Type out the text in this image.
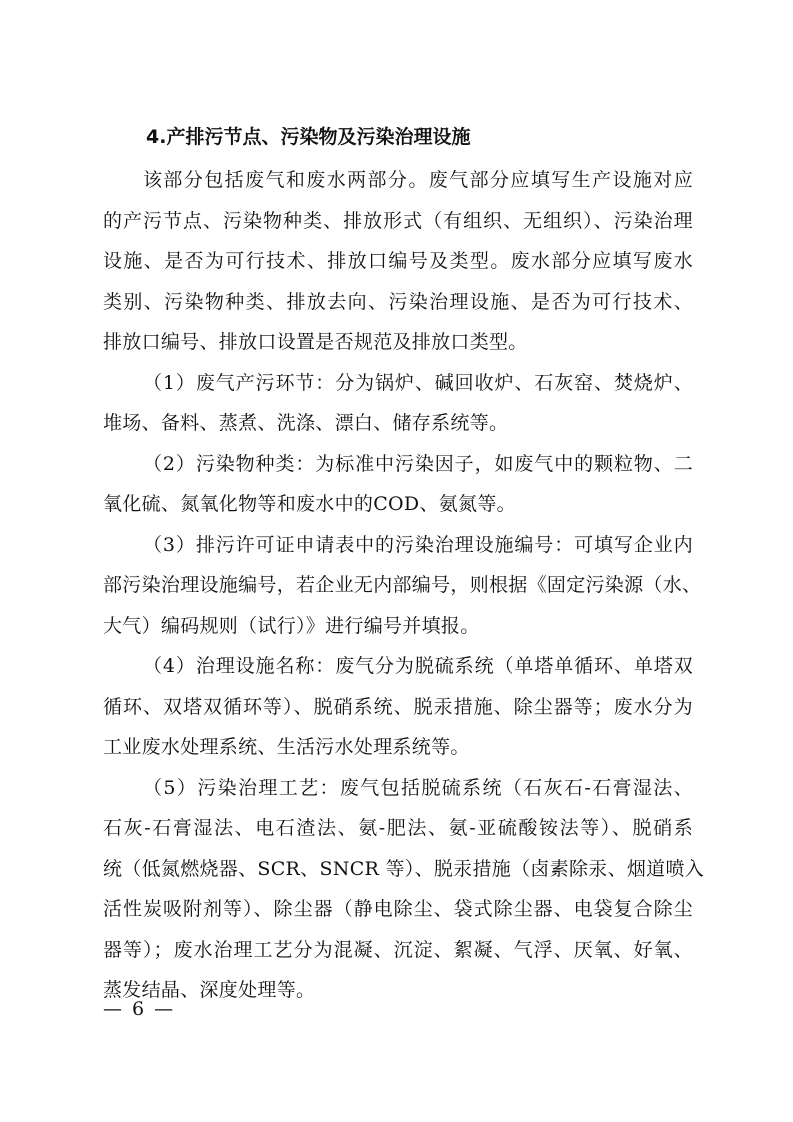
4.产排污节点、污染物及污染治理设施

该部分包括废气和废水两部分。废气部分应填写生产设施对应
的产污节点、污染物种类、排放形式（有组织、无组织）、污染治理
设施、是否为可行技术、排放口编号及类型。废水部分应填写废水
类别、污染物种类、排放去向、污染治理设施、是否为可行技术、
排放口编号、排放口设置是否规范及排放口类型。

（1）废气产污环节：分为锅炉、碱回收炉、石灰窑、焚烧炉、
堆场、备料、蒸煮、洗涤、漂白、储存系统等。

（2）污染物种类：为标准中污染因子，如废气中的颗粒物、二
氧化硫、氮氧化物等和废水中的COD、氨氮等。

（3）排污许可证申请表中的污染治理设施编号：可填写企业内
部污染治理设施编号，若企业无内部编号，则根据《固定污染源（水、
大气）编码规则（试行）》进行编号并填报。

（4）治理设施名称：废气分为脱硫系统（单塔单循环、单塔双
循环、双塔双循环等）、脱硝系统、脱汞措施、除尘器等；废水分为
工业废水处理系统、生活污水处理系统等。

（5）污染治理工艺：废气包括脱硫系统（石灰石-石膏湿法、
石灰-石膏湿法、电石渣法、氨-肥法、氨-亚硫酸铵法等）、脱硝系
统（低氮燃烧器、SCR、SNCR 等）、脱汞措施（卤素除汞、烟道喷入
活性炭吸附剂等）、除尘器（静电除尘、袋式除尘器、电袋复合除尘
器等）；废水治理工艺分为混凝、沉淀、絮凝、气浮、厌氧、好氧、
蒸发结晶、深度处理等。

— 6 —
